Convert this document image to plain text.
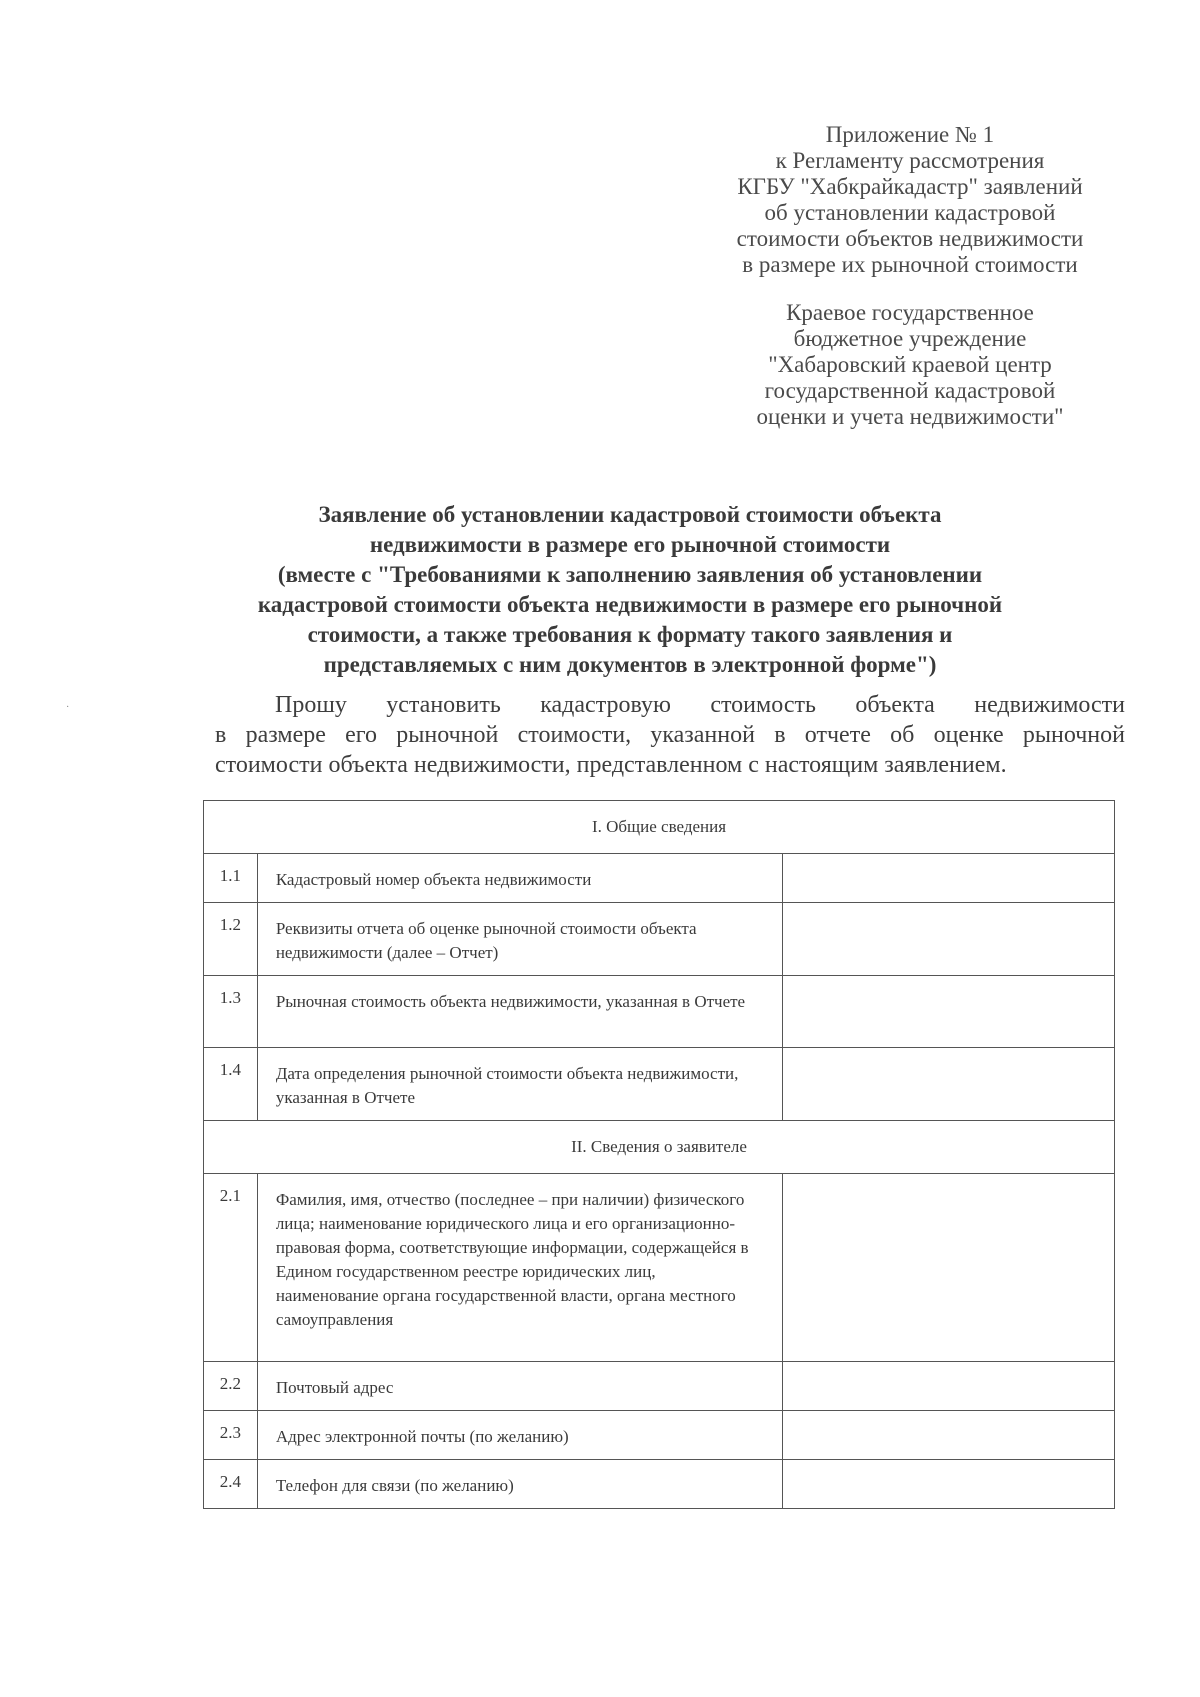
Приложение № 1
к Регламенту рассмотрения
КГБУ "Хабкрайкадастр" заявлений
об установлении кадастровой
стоимости объектов недвижимости
в размере их рыночной стоимости
Краевое государственное
бюджетное учреждение
"Хабаровский краевой центр
государственной кадастровой
оценки и учета недвижимости"
Заявление об установлении кадастровой стоимости объекта
недвижимости в размере его рыночной стоимости
(вместе с "Требованиями к заполнению заявления об установлении
кадастровой стоимости объекта недвижимости в размере его рыночной
стоимости, а также требования к формату такого заявления и
представляемых с ним документов в электронной форме")
·	Прошу установить кадастровую стоимость объекта недвижимости
в размере его рыночной стоимости, указанной в отчете об оценке рыночной
стоимости объекта недвижимости, представленном с настоящим заявлением.
I. Общие сведения		
1.1	Кадастровый номер объекта недвижимости	
1.2	Реквизиты отчета об оценке рыночной стоимости объекта недвижимости (далее – Отчет)	
1.3	Рыночная стоимость объекта недвижимости, указанная в Отчете	
1.4	Дата определения рыночной стоимости объекта недвижимости, указанная в Отчете	
II. Сведения о заявителе		
2.1	Фамилия, имя, отчество (последнее – при наличии) физического лица; наименование юридического лица и его организационно-правовая форма, соответствующие информации, содержащейся в Едином государственном реестре юридических лиц, наименование органа государственной власти, органа местного самоуправления	
2.2	Почтовый адрес	
2.3	Адрес электронной почты (по желанию)	
2.4	Телефон для связи (по желанию)	
